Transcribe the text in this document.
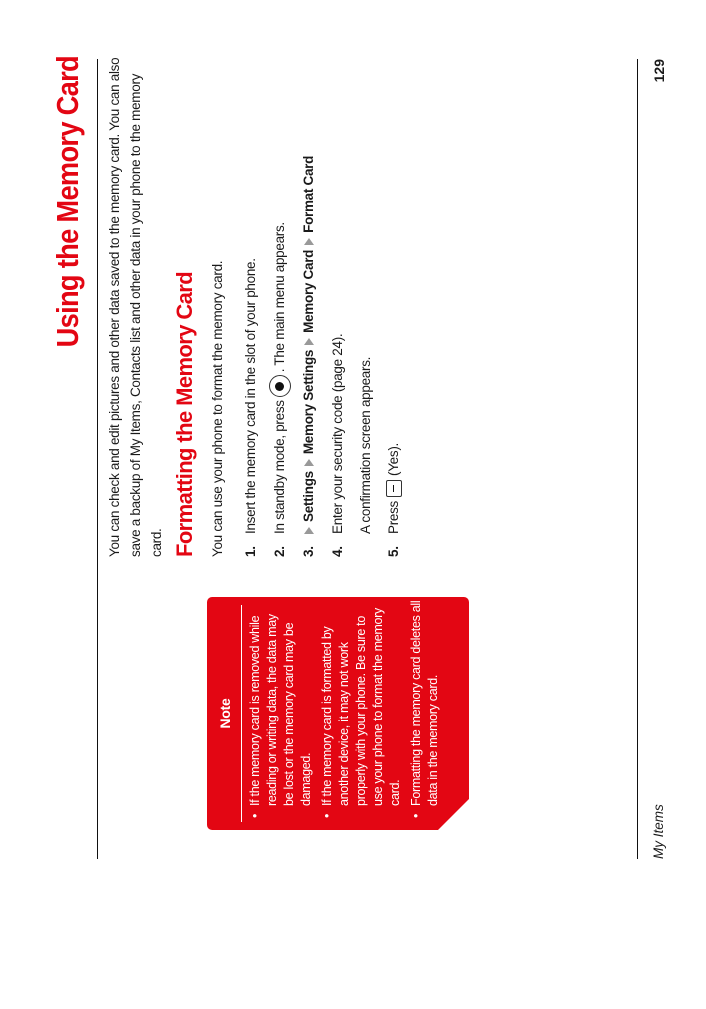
Using the Memory Card You can check and edit pictures and other data saved to the memory card. You can also save a backup of My Items, Contacts list and other data in your phone to the memory card. Formatting the Memory Card You can use your phone to format the memory card. 1.
Insert the memory card in the slot of your phone.
2.
In standby mode, press
. The main menu appears.
3.
Settings
Memory Settings
Memory Card
Format Card
4.
Enter your security code (page 24). A confirmation screen appears.
5.
Press
(Yes).
Note • If the memory card is removed while reading or writing data, the data may be lost or the memory card may be damaged. • If the memory card is formatted by another device, it may not work properly with your phone. Be sure to use your phone to format the memory card. • Formatting the memory card deletes all data in the memory card.
My Items
129
